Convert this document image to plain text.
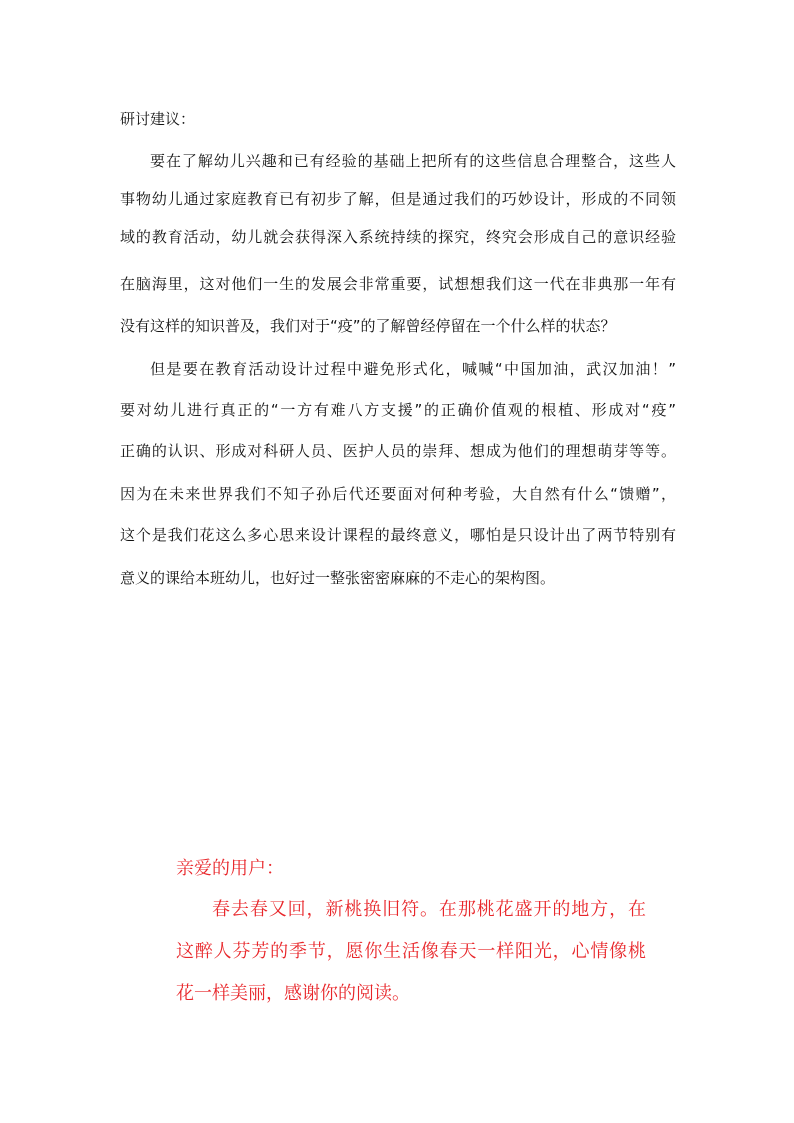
研讨建议：

要在了解幼儿兴趣和已有经验的基础上把所有的这些信息合理整合，这些人

事物幼儿通过家庭教育已有初步了解，但是通过我们的巧妙设计，形成的不同领

域的教育活动，幼儿就会获得深入系统持续的探究，终究会形成自己的意识经验

在脑海里，这对他们一生的发展会非常重要，试想想我们这一代在非典那一年有

没有这样的知识普及，我们对于“疫”的了解曾经停留在一个什么样的状态？

但是要在教育活动设计过程中避免形式化，喊喊“中国加油，武汉加油！”

要对幼儿进行真正的“一方有难八方支援”的正确价值观的根植、形成对“疫”

正确的认识、形成对科研人员、医护人员的崇拜、想成为他们的理想萌芽等等。

因为在未来世界我们不知子孙后代还要面对何种考验，大自然有什么“馈赠”，

这个是我们花这么多心思来设计课程的最终意义，哪怕是只设计出了两节特别有

意义的课给本班幼儿，也好过一整张密密麻麻的不走心的架构图。

亲爱的用户：

春去春又回，新桃换旧符。在那桃花盛开的地方，在

这醉人芬芳的季节，愿你生活像春天一样阳光，心情像桃

花一样美丽，感谢你的阅读。
